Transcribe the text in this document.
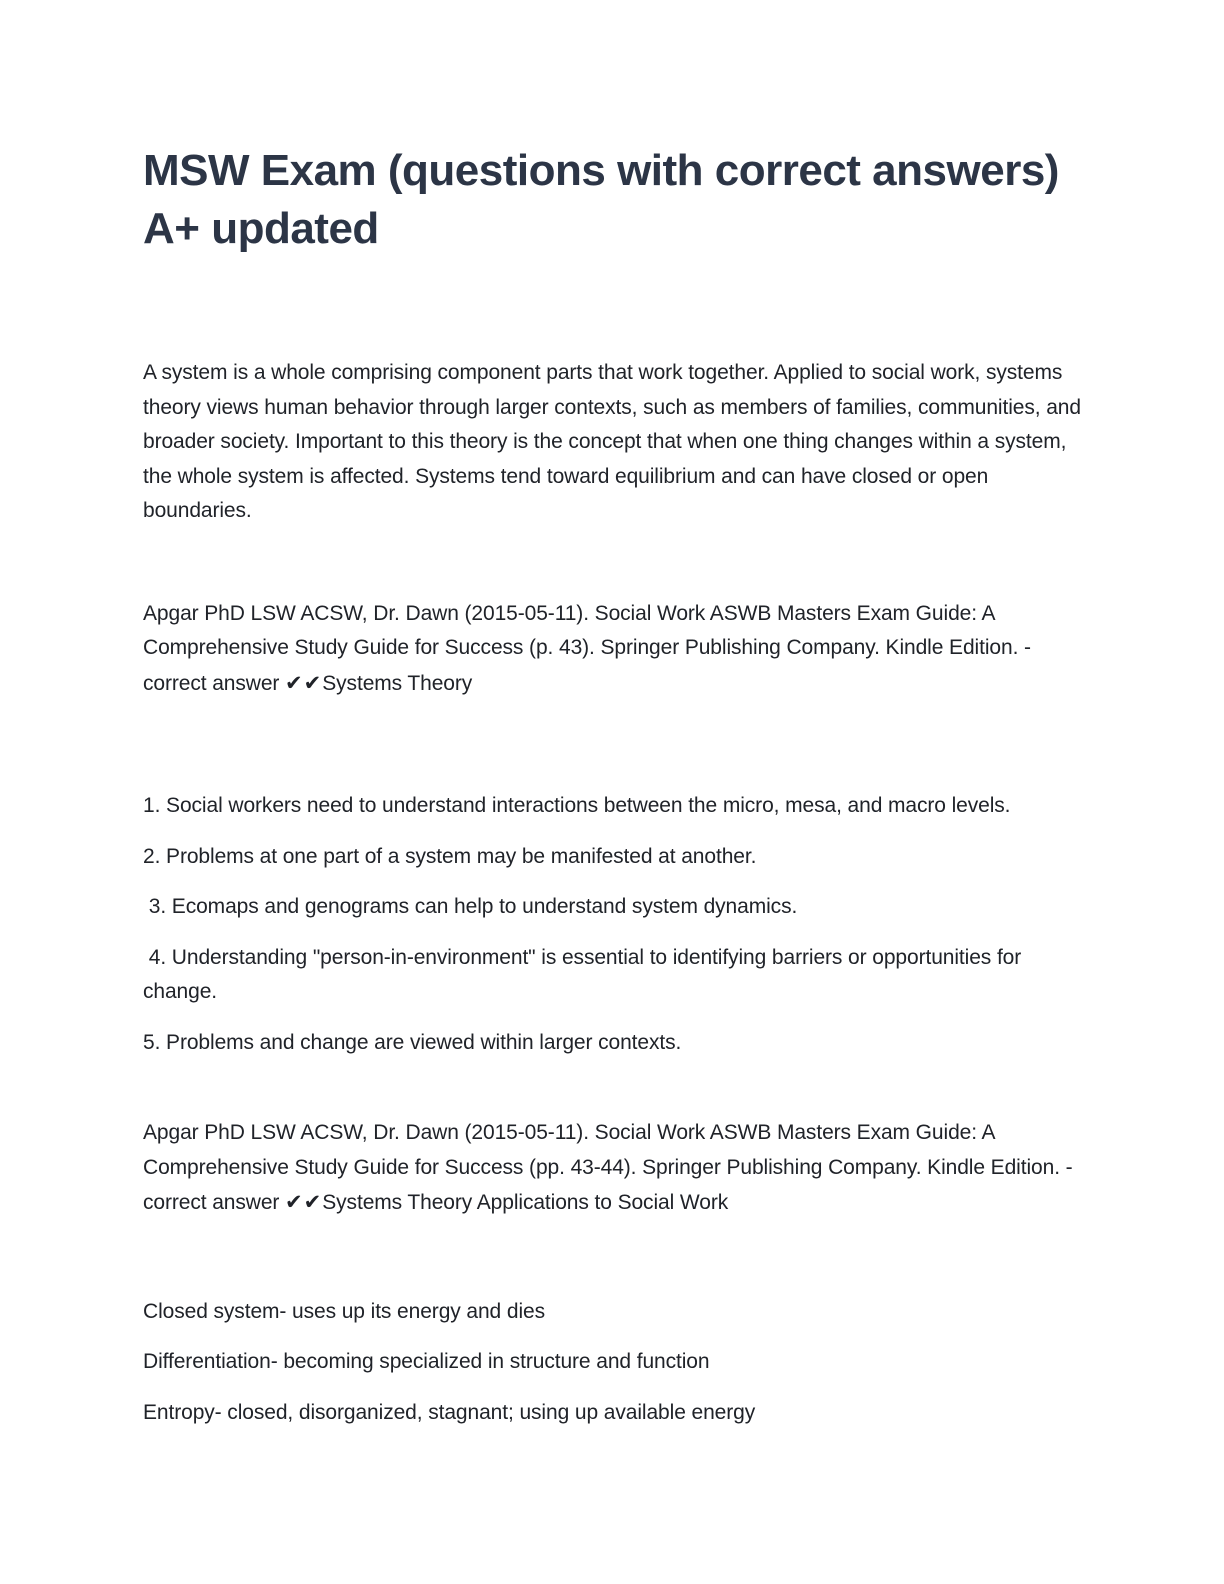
MSW Exam (questions with correct answers) A+ updated

A system is a whole comprising component parts that work together. Applied to social work, systems theory views human behavior through larger contexts, such as members of families, communities, and broader society. Important to this theory is the concept that when one thing changes within a system, the whole system is affected. Systems tend toward equilibrium and can have closed or open boundaries.

Apgar PhD LSW ACSW, Dr. Dawn (2015-05-11). Social Work ASWB Masters Exam Guide: A Comprehensive Study Guide for Success (p. 43). Springer Publishing Company. Kindle Edition. - correct answer ✔✔Systems Theory

1. Social workers need to understand interactions between the micro, mesa, and macro levels.

2. Problems at one part of a system may be manifested at another.

3. Ecomaps and genograms can help to understand system dynamics.

4. Understanding "person-in-environment" is essential to identifying barriers or opportunities for change.

5. Problems and change are viewed within larger contexts.

Apgar PhD LSW ACSW, Dr. Dawn (2015-05-11). Social Work ASWB Masters Exam Guide: A Comprehensive Study Guide for Success (pp. 43-44). Springer Publishing Company. Kindle Edition. - correct answer ✔✔Systems Theory Applications to Social Work

Closed system- uses up its energy and dies

Differentiation- becoming specialized in structure and function

Entropy- closed, disorganized, stagnant; using up available energy
